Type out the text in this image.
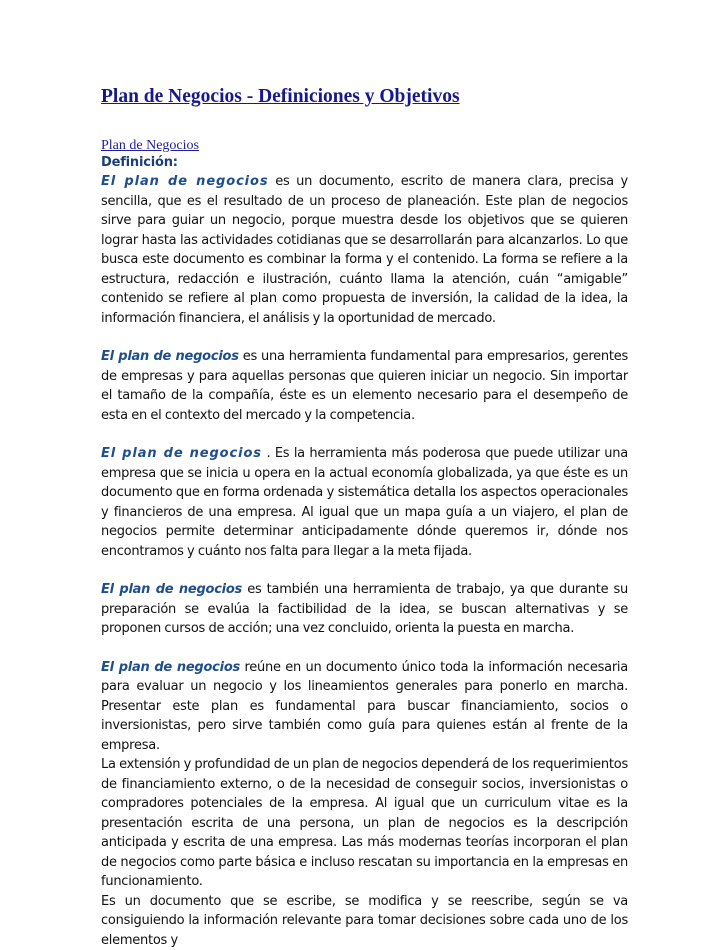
Plan de Negocios - Definiciones y Objetivos
Plan de Negocios
Definición:

El plan de negocios es un documento, escrito de manera clara, precisa y sencilla, que es el resultado de un proceso de planeación. Este plan de negocios sirve para guiar un negocio, porque muestra desde los objetivos que se quieren lograr hasta las actividades cotidianas que se desarrollarán para alcanzarlos. Lo que busca este documento es combinar la forma y el contenido. La forma se refiere a la estructura, redacción e ilustración, cuánto llama la atención, cuán “amigable” contenido se refiere al plan como propuesta de inversión, la calidad de la idea, la información financiera, el análisis y la oportunidad de mercado.

El plan de negocios es una herramienta fundamental para empresarios, gerentes de empresas y para aquellas personas que quieren iniciar un negocio. Sin importar el tamaño de la compañía, éste es un elemento necesario para el desempeño de esta en el contexto del mercado y la competencia.

El plan de negocios . Es la herramienta más poderosa que puede utilizar una empresa que se inicia u opera en la actual economía globalizada, ya que éste es un documento que en forma ordenada y sistemática detalla los aspectos operacionales y financieros de una empresa. Al igual que un mapa guía a un viajero, el plan de negocios permite determinar anticipadamente dónde queremos ir, dónde nos encontramos y cuánto nos falta para llegar a la meta fijada.

El plan de negocios es también una herramienta de trabajo, ya que durante su preparación se evalúa la factibilidad de la idea, se buscan alternativas y se proponen cursos de acción; una vez concluido, orienta la puesta en marcha.

El plan de negocios reúne en un documento único toda la información necesaria para evaluar un negocio y los lineamientos generales para ponerlo en marcha. Presentar este plan es fundamental para buscar financiamiento, socios o inversionistas, pero sirve también como guía para quienes están al frente de la empresa.

La extensión y profundidad de un plan de negocios dependerá de los requerimientos de financiamiento externo, o de la necesidad de conseguir socios, inversionistas o compradores potenciales de la empresa. Al igual que un curriculum vitae es la presentación escrita de una persona, un plan de negocios es la descripción anticipada y escrita de una empresa. Las más modernas teorías incorporan el plan de negocios como parte básica e incluso rescatan su importancia en la empresas en funcionamiento.

Es un documento que se escribe, se modifica y se reescribe, según se va consiguiendo la información relevante para tomar decisiones sobre cada uno de los elementos y
